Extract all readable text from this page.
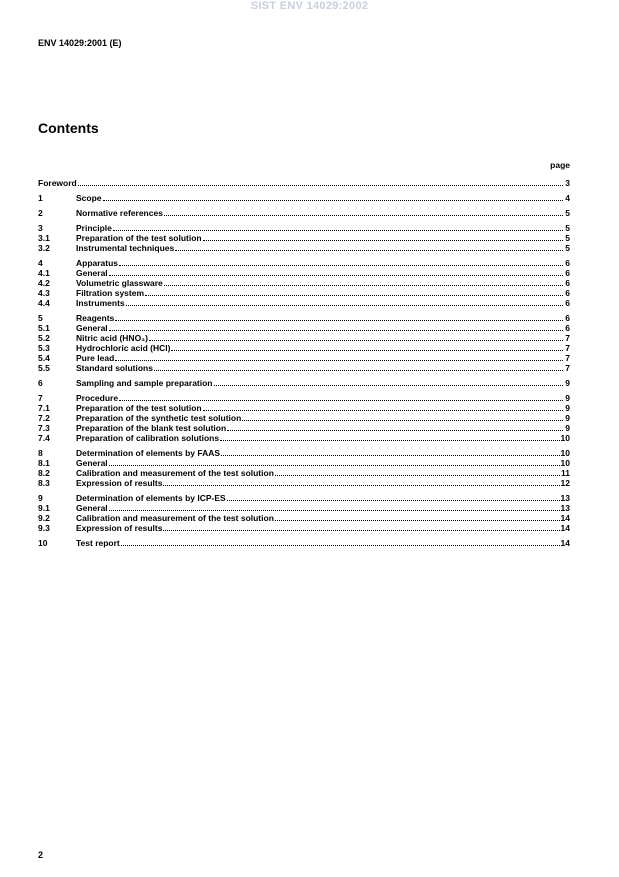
SIST ENV 14029:2002
ENV 14029:2001 (E)
Contents
page
Foreword	3
1	Scope	4
2	Normative references	5
3	Principle	5
3.1	Preparation of the test solution	5
3.2	Instrumental techniques	5
4	Apparatus	6
4.1	General	6
4.2	Volumetric glassware	6
4.3	Filtration system	6
4.4	Instruments	6
5	Reagents	6
5.1	General	6
5.2	Nitric acid (HNO₃)	7
5.3	Hydrochloric acid (HCl)	7
5.4	Pure lead	7
5.5	Standard solutions	7
6	Sampling and sample preparation	9
7	Procedure	9
7.1	Preparation of the test solution	9
7.2	Preparation of the synthetic test solution	9
7.3	Preparation of the blank test solution	9
7.4	Preparation of calibration solutions	10
8	Determination of elements by FAAS	10
8.1	General	10
8.2	Calibration and measurement of the test solution	11
8.3	Expression of results	12
9	Determination of elements by ICP-ES	13
9.1	General	13
9.2	Calibration and measurement of the test solution	14
9.3	Expression of results	14
10	Test report	14
2
